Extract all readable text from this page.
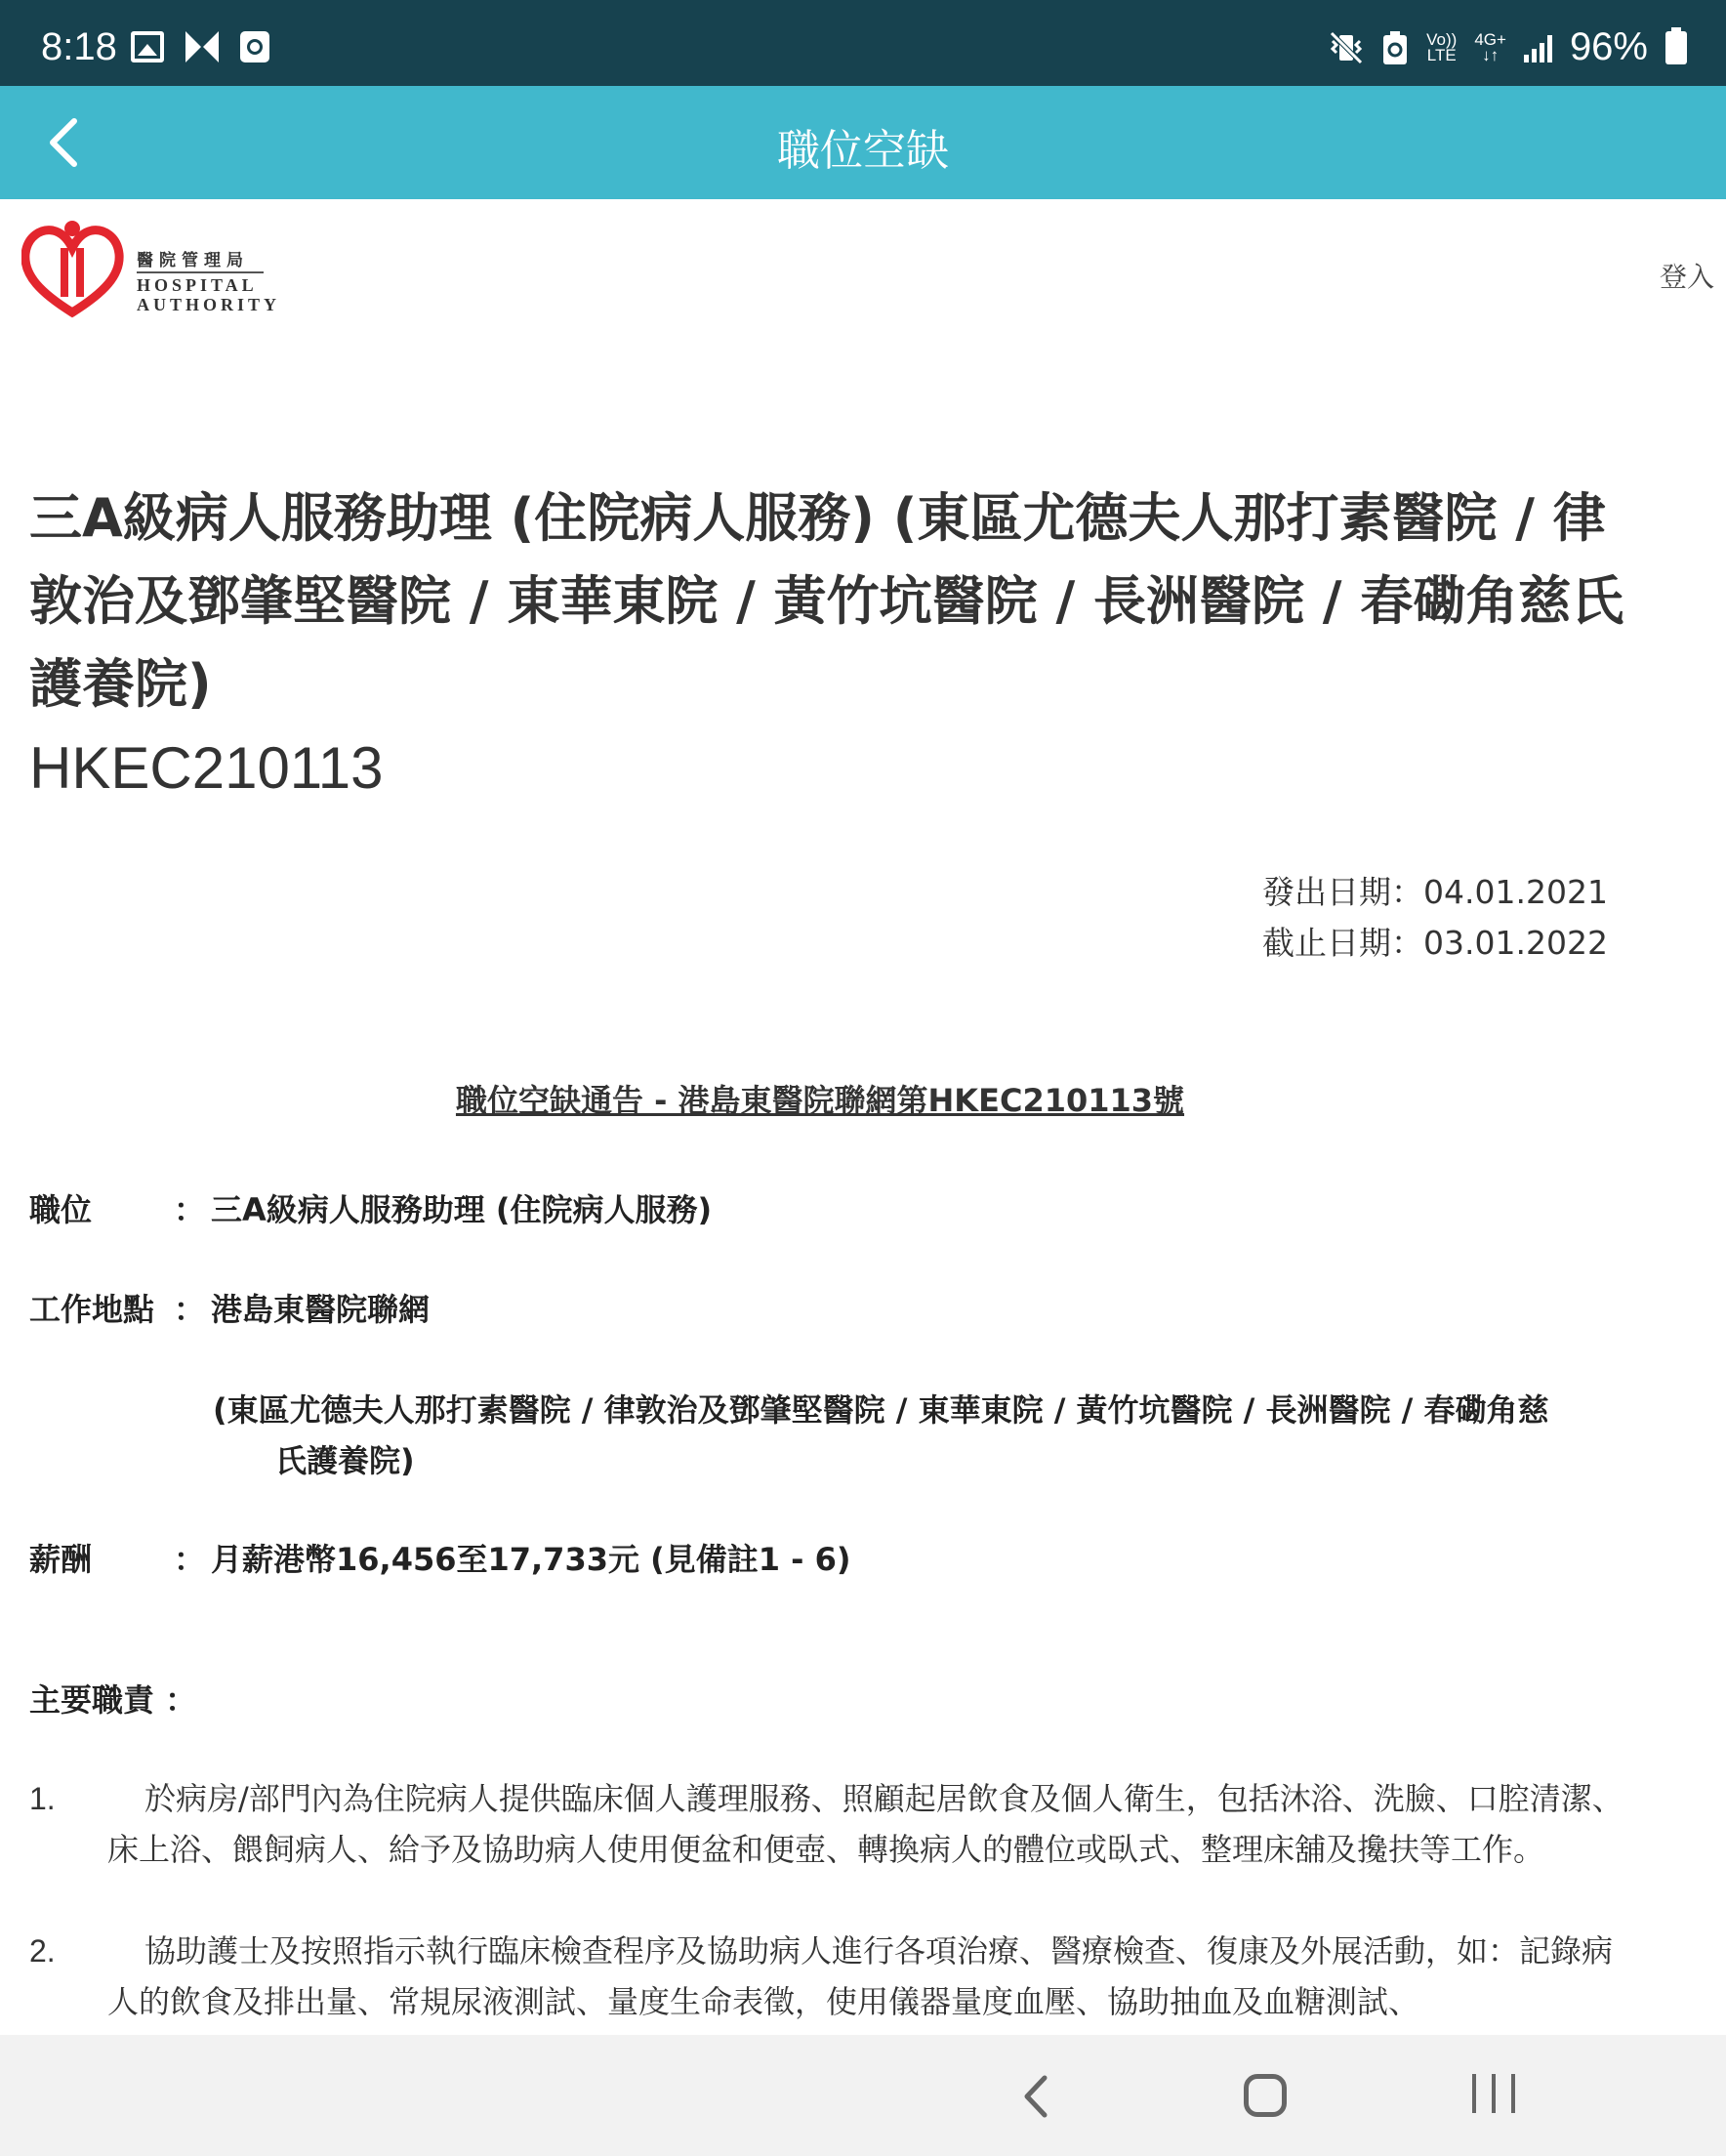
8:18	Vo))
LTE
4G+
↓↑ 96%
職位空缺
醫院管理局
HOSPITAL
AUTHORITY
登入
三A級病人服務助理 (住院病人服務) (東區尤德夫人那打素醫院 / 律敦治及鄧肇堅醫院 / 東華東院 / 黃竹坑醫院 / 長洲醫院 / 春磡角慈氏護養院)
HKEC210113
發出日期：04.01.2021
截止日期：03.01.2022
職位空缺通告 - 港島東醫院聯網第HKEC210113號
職位	： 三A級病人服務助理 (住院病人服務)
工作地點 ： 港島東醫院聯網
(東區尤德夫人那打素醫院 / 律敦治及鄧肇堅醫院 / 東華東院 / 黃竹坑醫院 / 長洲醫院 / 春磡角慈
氏護養院)
薪酬	： 月薪港幣16,456至17,733元 (見備註1 - 6)
主要職責 ：
1.	於病房/部門內為住院病人提供臨床個人護理服務、照顧起居飲食及個人衛生，包括沐浴、洗臉、口腔清潔、床上浴、餵飼病人、給予及協助病人使用便盆和便壺、轉換病人的體位或臥式、整理床舖及攙扶等工作。
2.	協助護士及按照指示執行臨床檢查程序及協助病人進行各項治療、醫療檢查、復康及外展活動，如：記錄病人的飲食及排出量、常規尿液測試、量度生命表徵，使用儀器量度血壓、協助抽血及血糖測試、
